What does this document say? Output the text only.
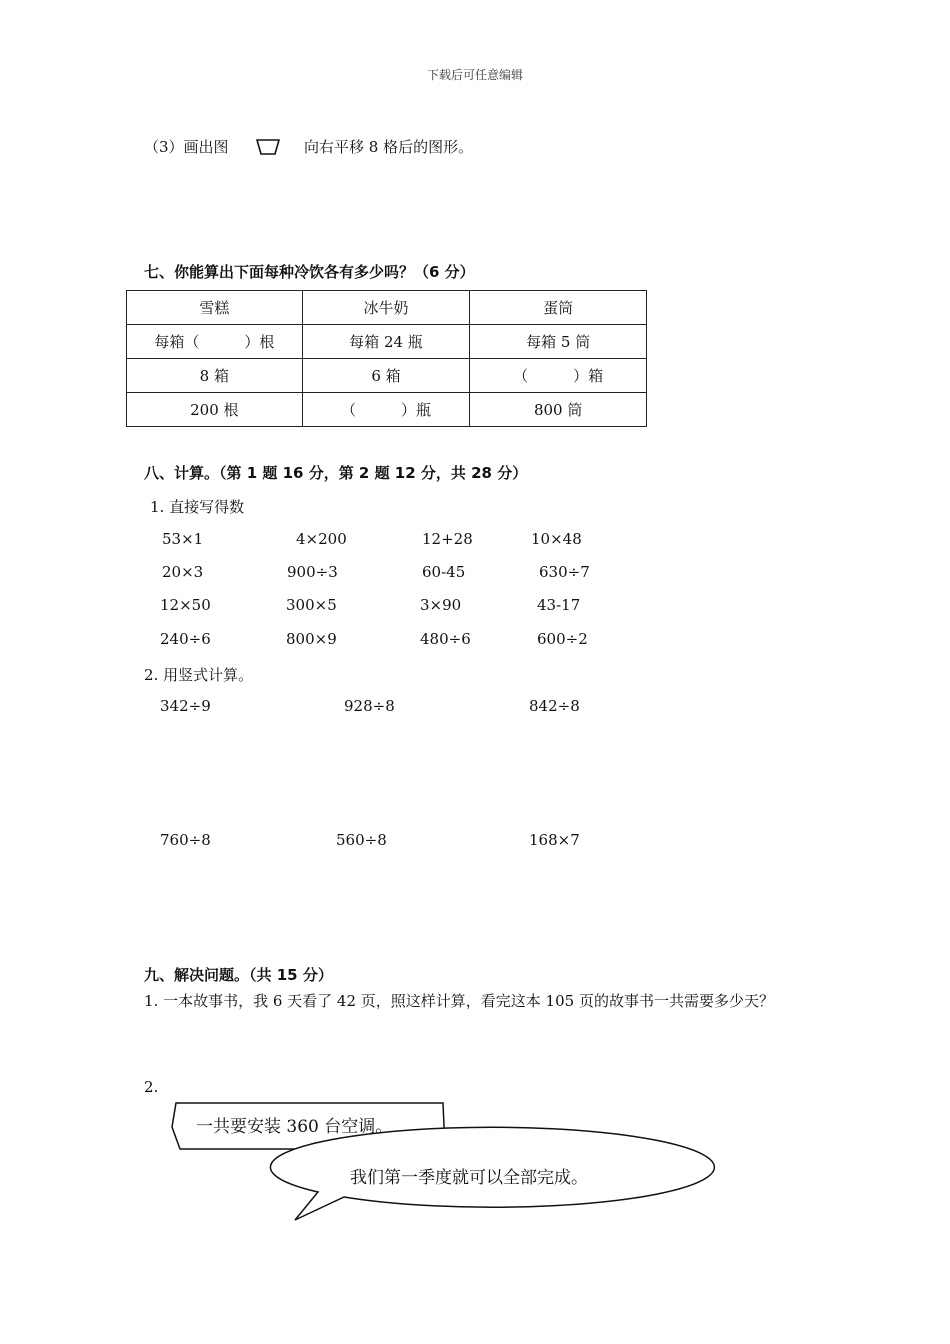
下载后可任意编辑
（3）画出图	向右平移 8 格后的图形。
七、你能算出下面每种冷饮各有多少吗？（6 分）
雪糕	冰牛奶	蛋筒
每箱（　　　）根	每箱 24 瓶	每箱 5 筒
8 箱	6 箱	（　　　）箱
200 根	（　　　）瓶	800 筒
八、计算。（第 1 题 16 分，第 2 题 12 分，共 28 分）
1. 直接写得数
53×1	4×200	12+28	10×48
20×3	900÷3	60-45	630÷7
12×50	300×5	3×90	43-17
240÷6	800×9	480÷6	600÷2
2. 用竖式计算。
342÷9	928÷8	842÷8
760÷8	560÷8	168×7
九、解决问题。（共 15 分）
1. 一本故事书，我 6 天看了 42 页，照这样计算，看完这本 105 页的故事书一共需要多少天？
2.
一共要安装 360 台空调。
我们第一季度就可以全部完成。
